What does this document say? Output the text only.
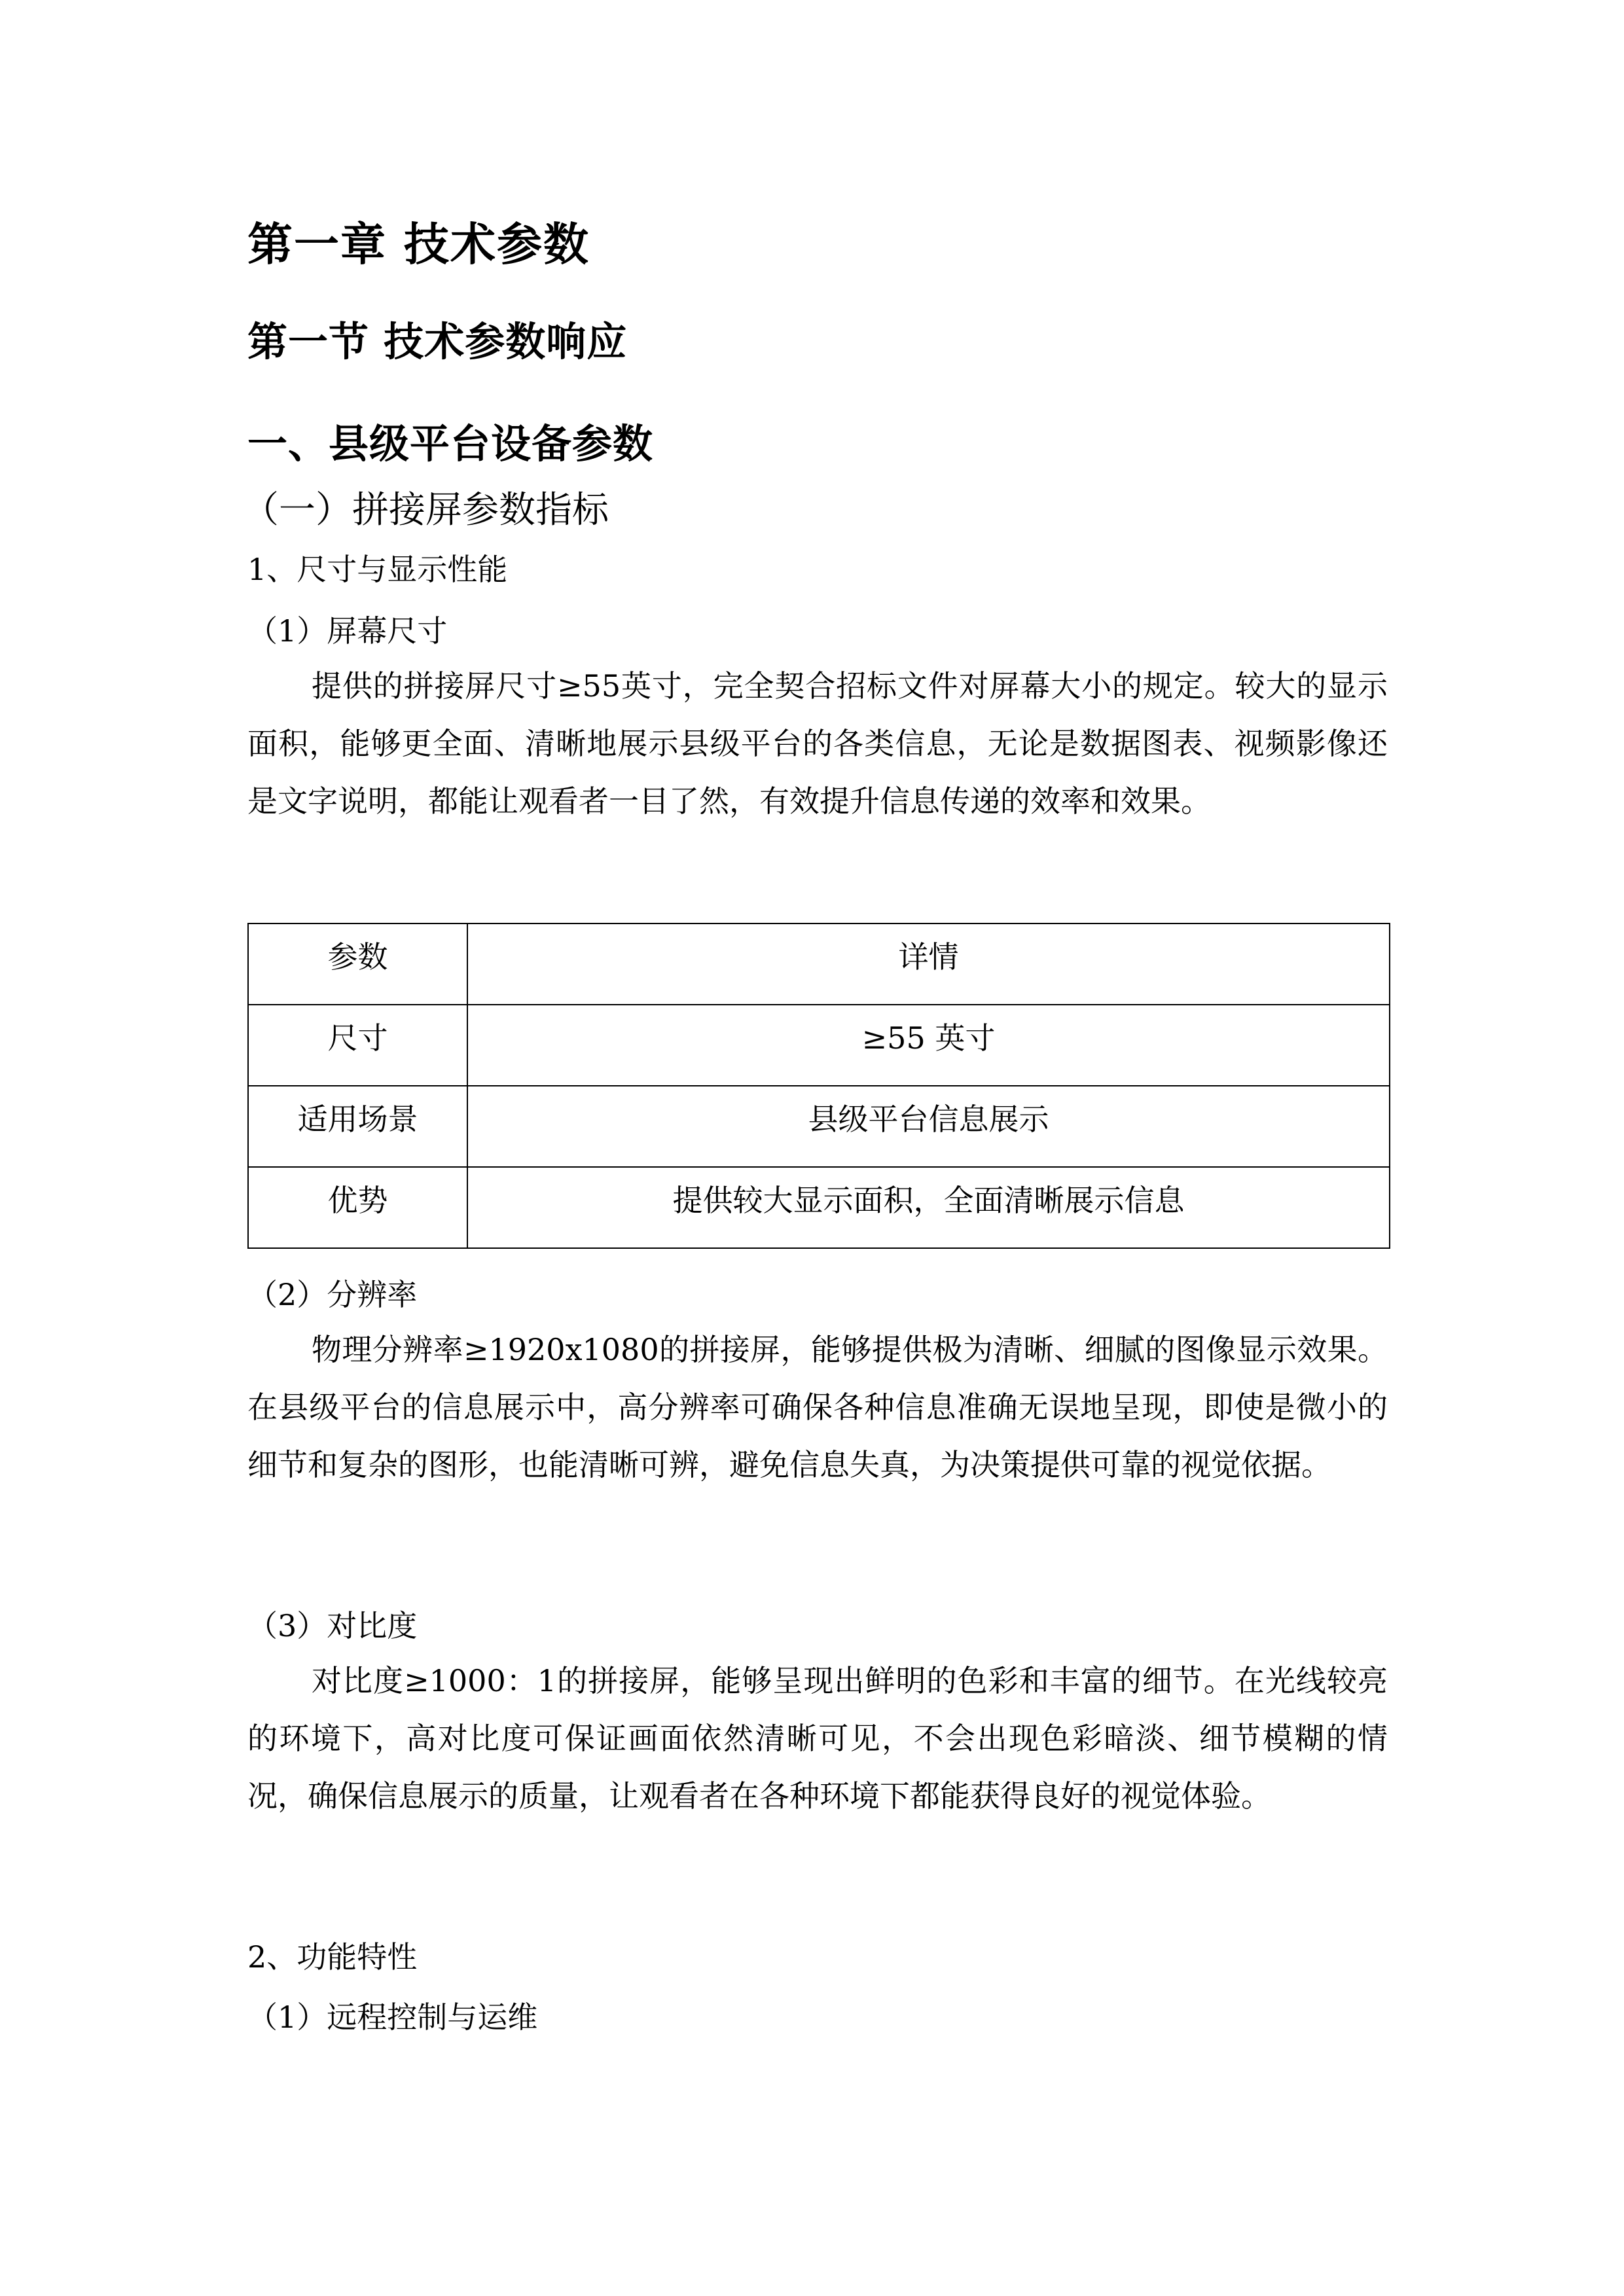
第一章 技术参数
第一节 技术参数响应
一、县级平台设备参数
（一）拼接屏参数指标
1、尺寸与显示性能
（1）屏幕尺寸
提供的拼接屏尺寸≥55英寸，完全契合招标文件对屏幕大小的规定。较大的显示面积，能够更全面、清晰地展示县级平台的各类信息，无论是数据图表、视频影像还是文字说明，都能让观看者一目了然，有效提升信息传递的效率和效果。
参数	详情

尺寸	≥55 英寸

适用场景	县级平台信息展示

优势	提供较大显示面积，全面清晰展示信息
（2）分辨率
物理分辨率≥1920x1080的拼接屏，能够提供极为清晰、细腻的图像显示效果。在县级平台的信息展示中，高分辨率可确保各种信息准确无误地呈现，即使是微小的细节和复杂的图形，也能清晰可辨，避免信息失真，为决策提供可靠的视觉依据。
（3）对比度
对比度≥1000：1的拼接屏，能够呈现出鲜明的色彩和丰富的细节。在光线较亮的环境下，高对比度可保证画面依然清晰可见，不会出现色彩暗淡、细节模糊的情况，确保信息展示的质量，让观看者在各种环境下都能获得良好的视觉体验。
2、功能特性
（1）远程控制与运维
